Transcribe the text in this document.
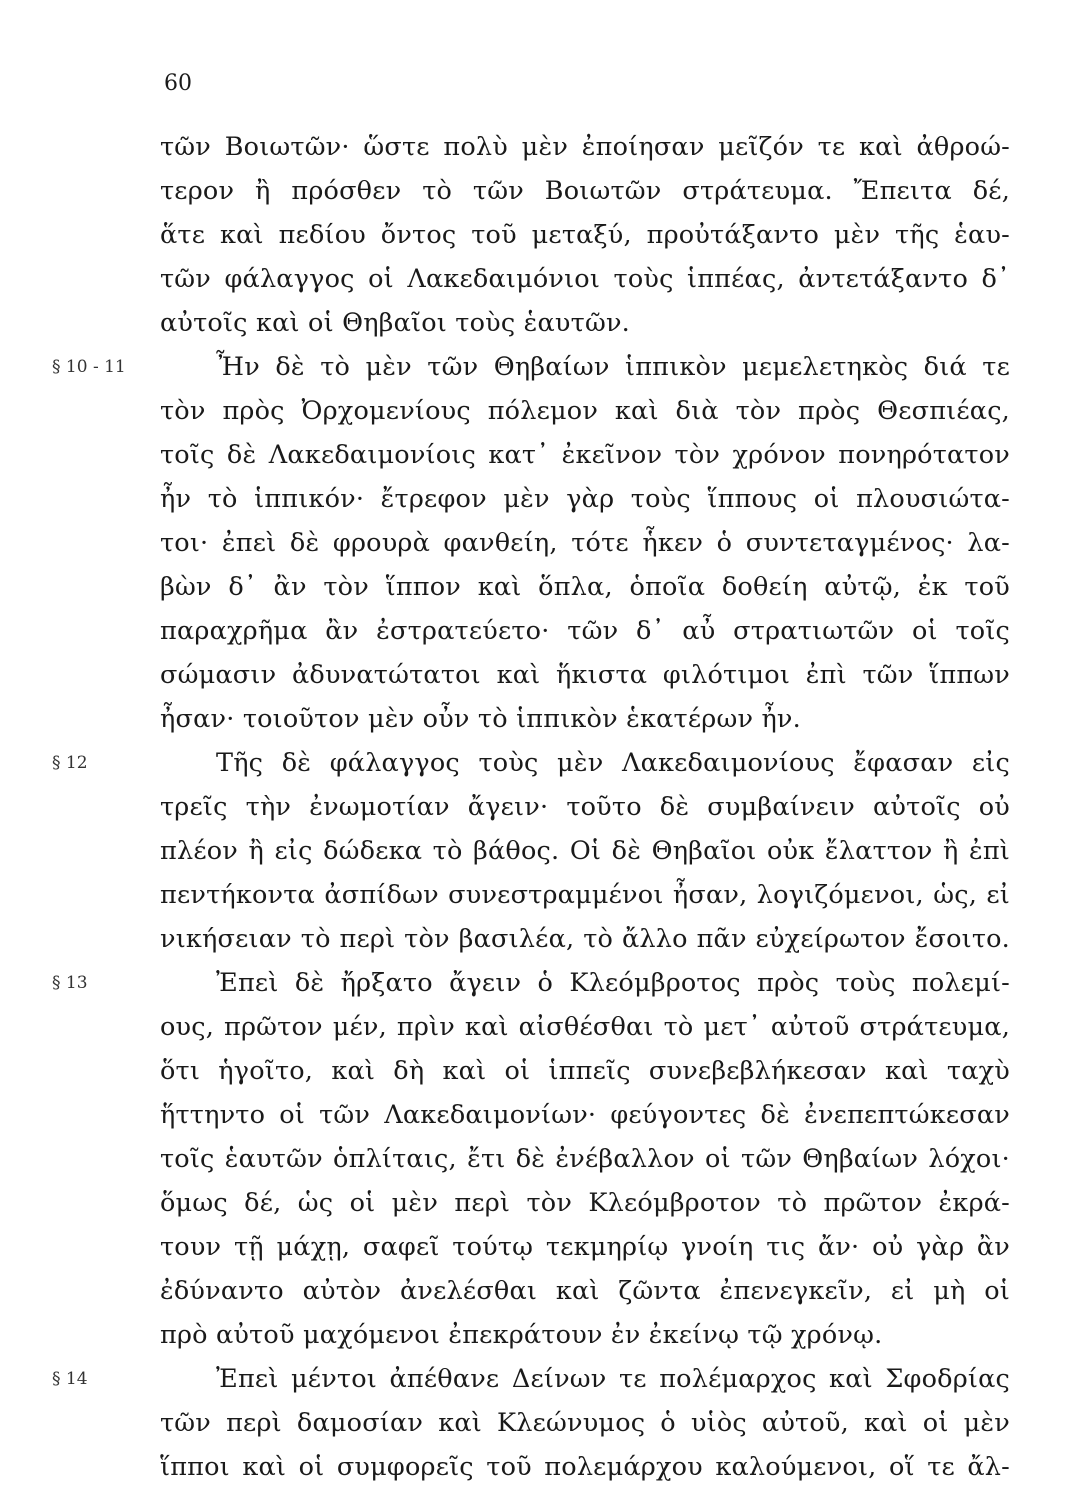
60
τῶν Βοιωτῶν· ὥστε πολὺ μὲν ἐποίησαν μεῖζόν τε καὶ ἀθροώ-
τερον ἢ πρόσθεν τὸ τῶν Βοιωτῶν στράτευμα. Ἔπειτα δέ,
ἅτε καὶ πεδίου ὄντος τοῦ μεταξύ, προὐτάξαντο μὲν τῆς ἑαυ-
τῶν φάλαγγος οἱ Λακεδαιμόνιοι τοὺς ἱππέας, ἀντετάξαντο δ᾽
αὐτοῖς καὶ οἱ Θηβαῖοι τοὺς ἑαυτῶν.
§ 10 - 11	Ἦν δὲ τὸ μὲν τῶν Θηβαίων ἱππικὸν μεμελετηκὸς διά τε
τὸν πρὸς Ὀρχομενίους πόλεμον καὶ διὰ τὸν πρὸς Θεσπιέας,
τοῖς δὲ Λακεδαιμονίοις κατ᾽ ἐκεῖνον τὸν χρόνον πονηρότατον
ἦν τὸ ἱππικόν· ἔτρεφον μὲν γὰρ τοὺς ἵππους οἱ πλουσιώτα-
τοι· ἐπεὶ δὲ φρουρὰ φανθείη, τότε ἧκεν ὁ συντεταγμένος· λα-
βὼν δ᾽ ἂν τὸν ἵππον καὶ ὅπλα, ὁποῖα δοθείη αὐτῷ, ἐκ τοῦ
παραχρῆμα ἂν ἐστρατεύετο· τῶν δ᾽ αὖ στρατιωτῶν οἱ τοῖς
σώμασιν ἀδυνατώτατοι καὶ ἥκιστα φιλότιμοι ἐπὶ τῶν ἵππων
ἦσαν· τοιοῦτον μὲν οὖν τὸ ἱππικὸν ἑκατέρων ἦν.
§ 12	Τῆς δὲ φάλαγγος τοὺς μὲν Λακεδαιμονίους ἔφασαν εἰς
τρεῖς τὴν ἐνωμοτίαν ἄγειν· τοῦτο δὲ συμβαίνειν αὐτοῖς οὐ
πλέον ἢ εἰς δώδεκα τὸ βάθος. Οἱ δὲ Θηβαῖοι οὐκ ἔλαττον ἢ ἐπὶ
πεντήκοντα ἀσπίδων συνεστραμμένοι ἦσαν, λογιζόμενοι, ὡς, εἰ
νικήσειαν τὸ περὶ τὸν βασιλέα, τὸ ἄλλο πᾶν εὐχείρωτον ἔσοιτο.
§ 13	Ἐπεὶ δὲ ἤρξατο ἄγειν ὁ Κλεόμβροτος πρὸς τοὺς πολεμί-
ους, πρῶτον μέν, πρὶν καὶ αἰσθέσθαι τὸ μετ᾽ αὐτοῦ στράτευμα,
ὅτι ἡγοῖτο, καὶ δὴ καὶ οἱ ἱππεῖς συνεβεβλήκεσαν καὶ ταχὺ
ἥττηντο οἱ τῶν Λακεδαιμονίων· φεύγοντες δὲ ἐνεπεπτώκεσαν
τοῖς ἑαυτῶν ὁπλίταις, ἔτι δὲ ἐνέβαλλον οἱ τῶν Θηβαίων λόχοι·
ὅμως δέ, ὡς οἱ μὲν περὶ τὸν Κλεόμβροτον τὸ πρῶτον ἐκρά-
τουν τῇ μάχῃ, σαφεῖ τούτῳ τεκμηρίῳ γνοίη τις ἄν· οὐ γὰρ ἂν
ἐδύναντο αὐτὸν ἀνελέσθαι καὶ ζῶντα ἐπενεγκεῖν, εἰ μὴ οἱ
πρὸ αὐτοῦ μαχόμενοι ἐπεκράτουν ἐν ἐκείνῳ τῷ χρόνῳ.
§ 14	Ἐπεὶ μέντοι ἀπέθανε Δείνων τε πολέμαρχος καὶ Σφοδρίας
τῶν περὶ δαμοσίαν καὶ Κλεώνυμος ὁ υἱὸς αὐτοῦ, καὶ οἱ μὲν
ἵπποι καὶ οἱ συμφορεῖς τοῦ πολεμάρχου καλούμενοι, οἵ τε ἄλ-
